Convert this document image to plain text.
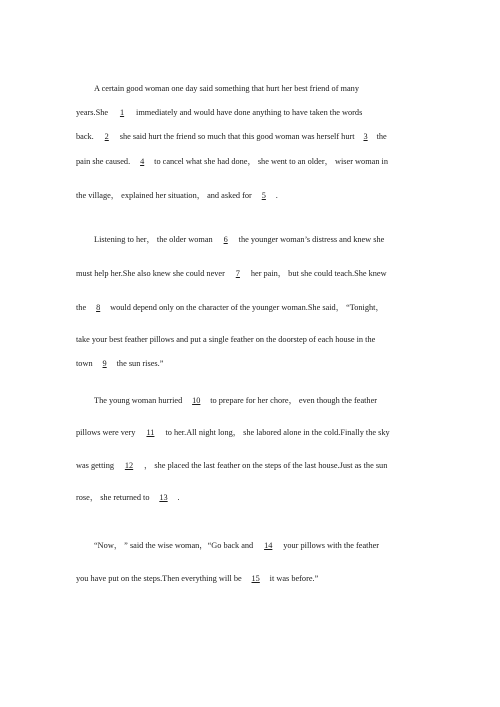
A certain good woman one day said something that hurt her best friend of many
years.She 1 immediately and would have done anything to have taken the words
back. 2 she said hurt the friend so much that this good woman was herself hurt 3 the
pain she caused. 4 to cancel what she had done， she went to an older， wiser woman in
the village， explained her situation， and asked for 5 .
Listening to her， the older woman 6 the younger woman’s distress and knew she
must help her.She also knew she could never 7 her pain， but she could teach.She knew
the 8 would depend only on the character of the younger woman.She said， “Tonight，
take your best feather pillows and put a single feather on the doorstep of each house in the
town 9 the sun rises.”
The young woman hurried 10 to prepare for her chore， even though the feather
pillows were very 11 to her.All night long， she labored alone in the cold.Finally the sky
was getting 12 ， she placed the last feather on the steps of the last house.Just as the sun
rose， she returned to 13 .
“Now， ” said the wise woman，“Go back and 14 your pillows with the feather
you have put on the steps.Then everything will be 15 it was before.”
